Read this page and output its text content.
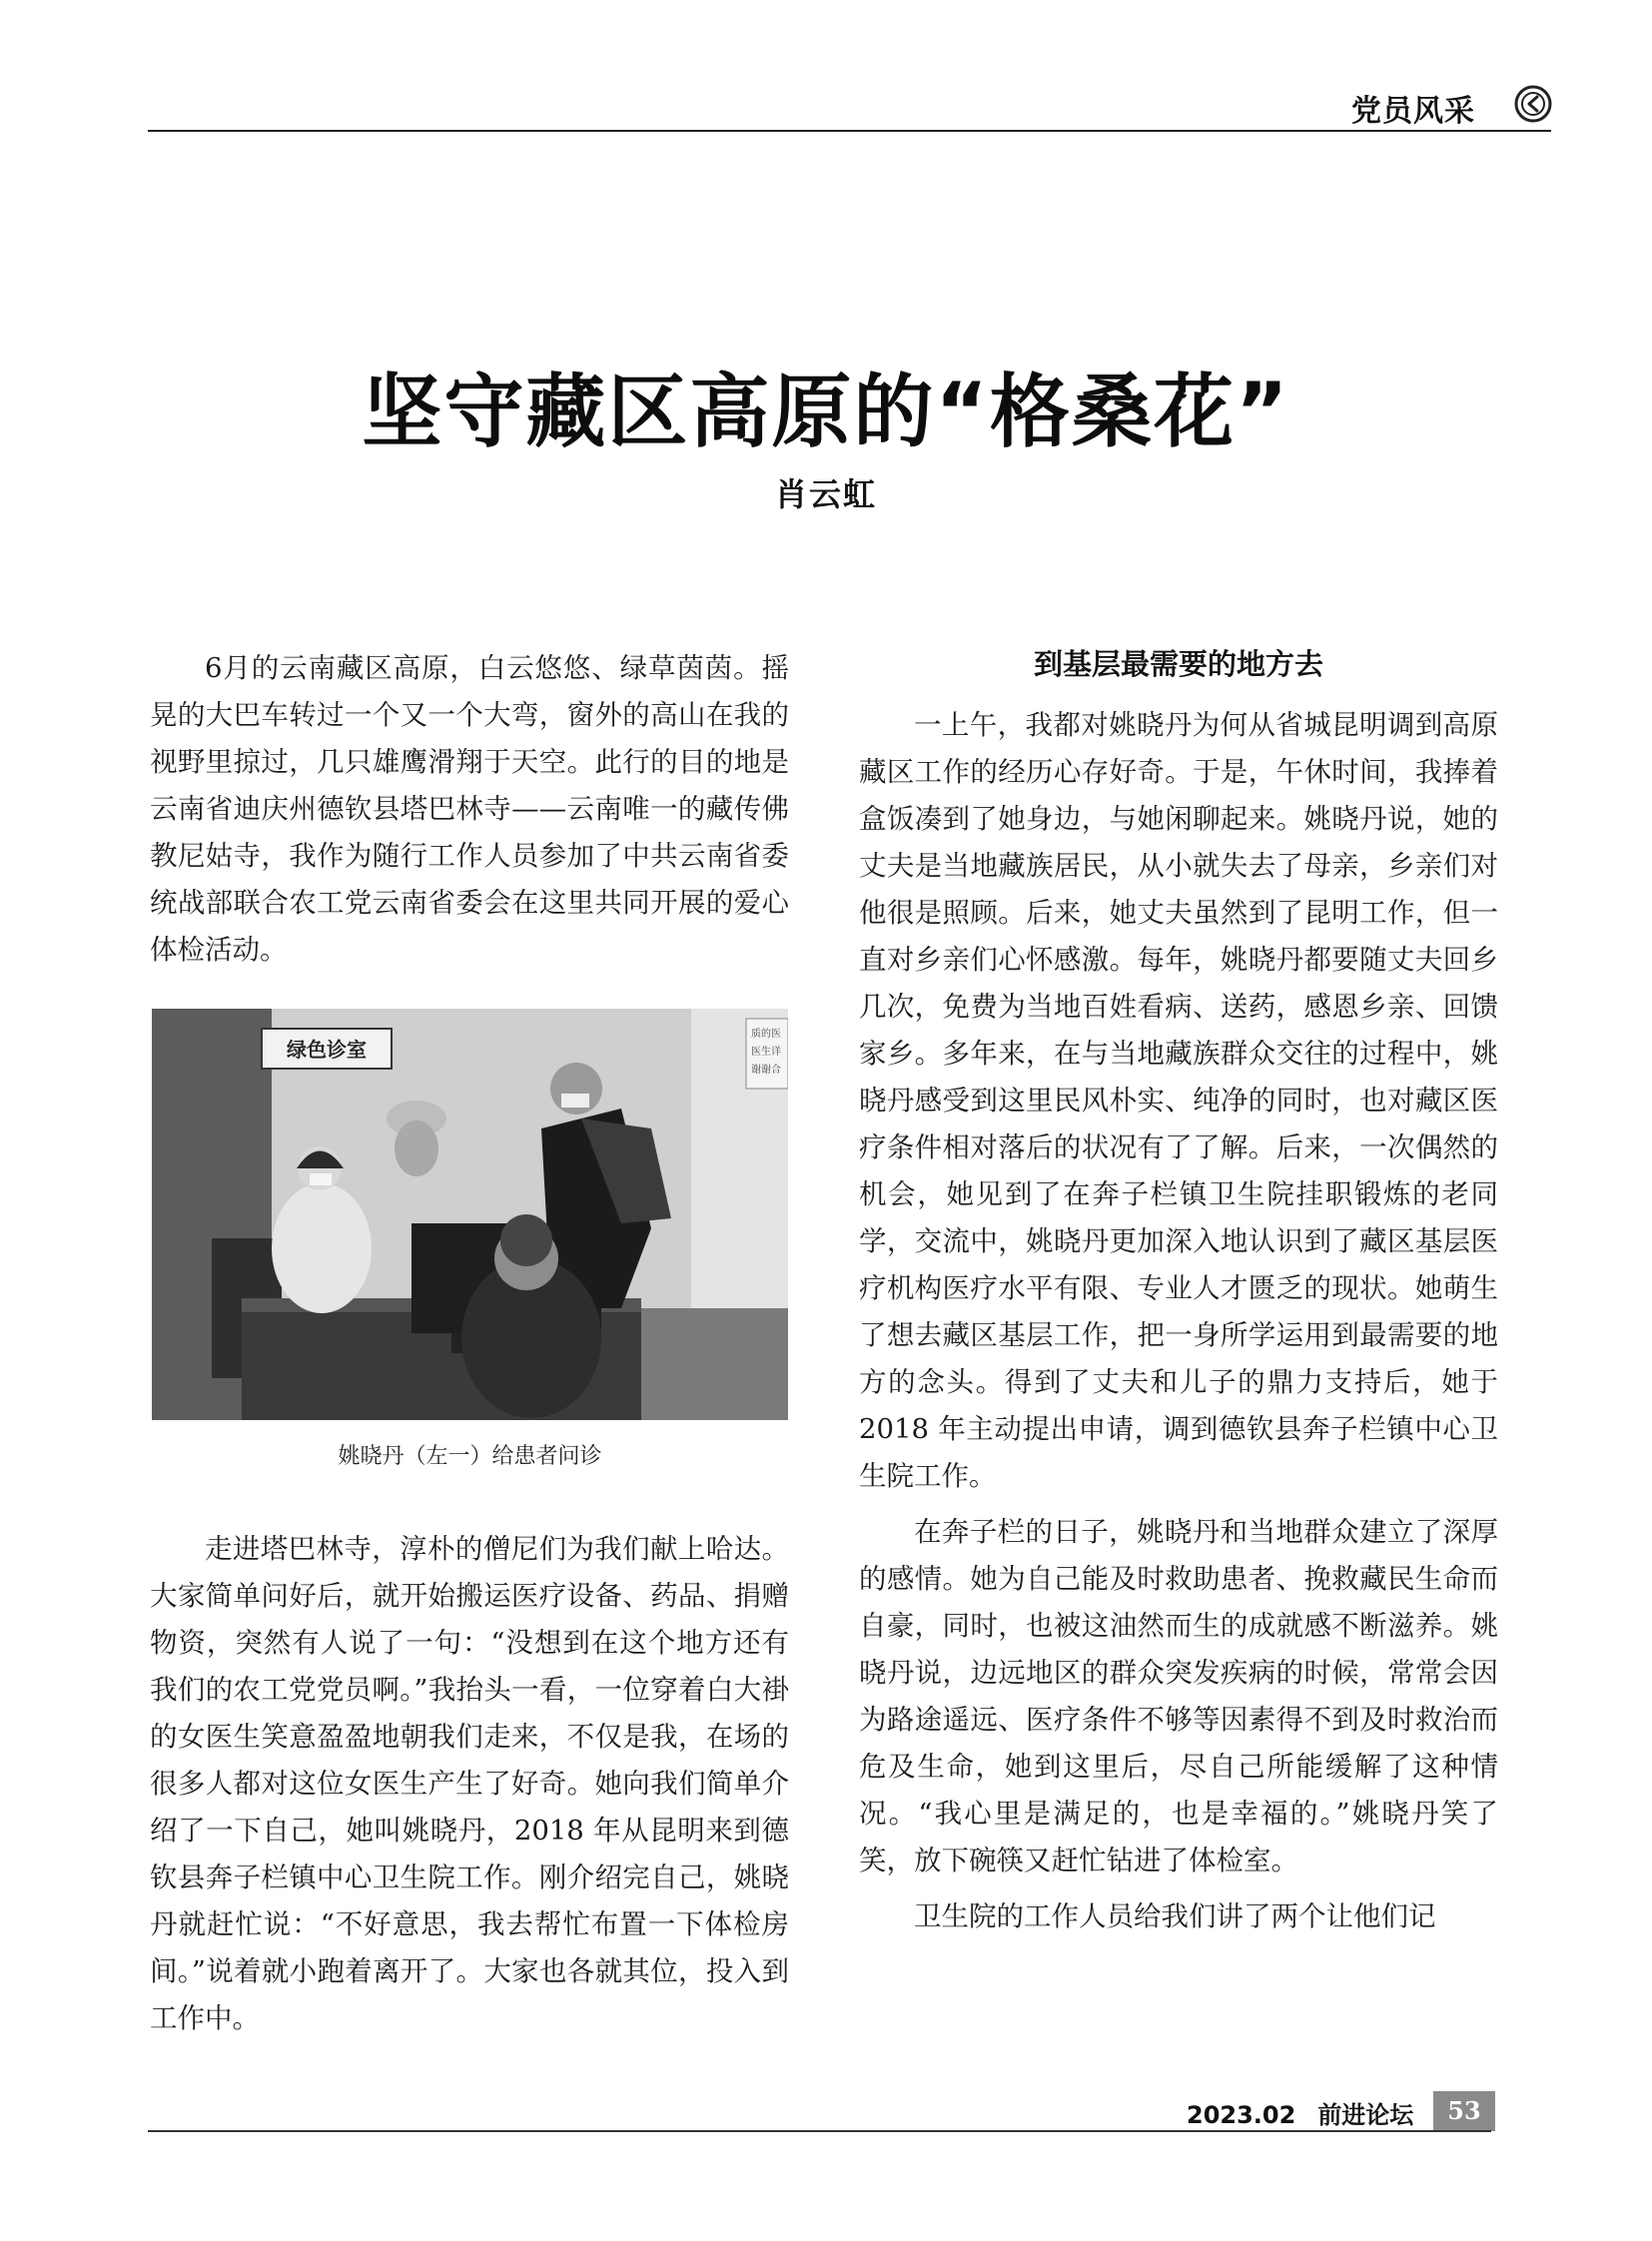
党员风采
坚守藏区高原的“格桑花”
肖云虹

6月的云南藏区高原，白云悠悠、绿草茵茵。摇晃的大巴车转过一个又一个大弯，窗外的高山在我的视野里掠过，几只雄鹰滑翔于天空。此行的目的地是云南省迪庆州德钦县塔巴林寺——云南唯一的藏传佛教尼姑寺，我作为随行工作人员参加了中共云南省委统战部联合农工党云南省委会在这里共同开展的爱心体检活动。

绿色诊室
质的医
医生详
谢谢合
姚晓丹（左一）给患者问诊

走进塔巴林寺，淳朴的僧尼们为我们献上哈达。大家简单问好后，就开始搬运医疗设备、药品、捐赠物资，突然有人说了一句：“没想到在这个地方还有我们的农工党党员啊。”我抬头一看，一位穿着白大褂的女医生笑意盈盈地朝我们走来，不仅是我，在场的很多人都对这位女医生产生了好奇。她向我们简单介绍了一下自己，她叫姚晓丹，2018 年从昆明来到德钦县奔子栏镇中心卫生院工作。刚介绍完自己，姚晓丹就赶忙说：“不好意思，我去帮忙布置一下体检房间。”说着就小跑着离开了。大家也各就其位，投入到工作中。

到基层最需要的地方去

一上午，我都对姚晓丹为何从省城昆明调到高原藏区工作的经历心存好奇。于是，午休时间，我捧着盒饭凑到了她身边，与她闲聊起来。姚晓丹说，她的丈夫是当地藏族居民，从小就失去了母亲，乡亲们对他很是照顾。后来，她丈夫虽然到了昆明工作，但一直对乡亲们心怀感激。每年，姚晓丹都要随丈夫回乡几次，免费为当地百姓看病、送药，感恩乡亲、回馈家乡。多年来，在与当地藏族群众交往的过程中，姚晓丹感受到这里民风朴实、纯净的同时，也对藏区医疗条件相对落后的状况有了了解。后来，一次偶然的机会，她见到了在奔子栏镇卫生院挂职锻炼的老同学，交流中，姚晓丹更加深入地认识到了藏区基层医疗机构医疗水平有限、专业人才匮乏的现状。她萌生了想去藏区基层工作，把一身所学运用到最需要的地方的念头。得到了丈夫和儿子的鼎力支持后，她于 2018 年主动提出申请，调到德钦县奔子栏镇中心卫生院工作。

在奔子栏的日子，姚晓丹和当地群众建立了深厚的感情。她为自己能及时救助患者、挽救藏民生命而自豪，同时，也被这油然而生的成就感不断滋养。姚晓丹说，边远地区的群众突发疾病的时候，常常会因为路途遥远、医疗条件不够等因素得不到及时救治而危及生命，她到这里后，尽自己所能缓解了这种情况。“我心里是满足的，也是幸福的。”姚晓丹笑了笑，放下碗筷又赶忙钻进了体检室。

卫生院的工作人员给我们讲了两个让他们记

2023.02 前进论坛	53
